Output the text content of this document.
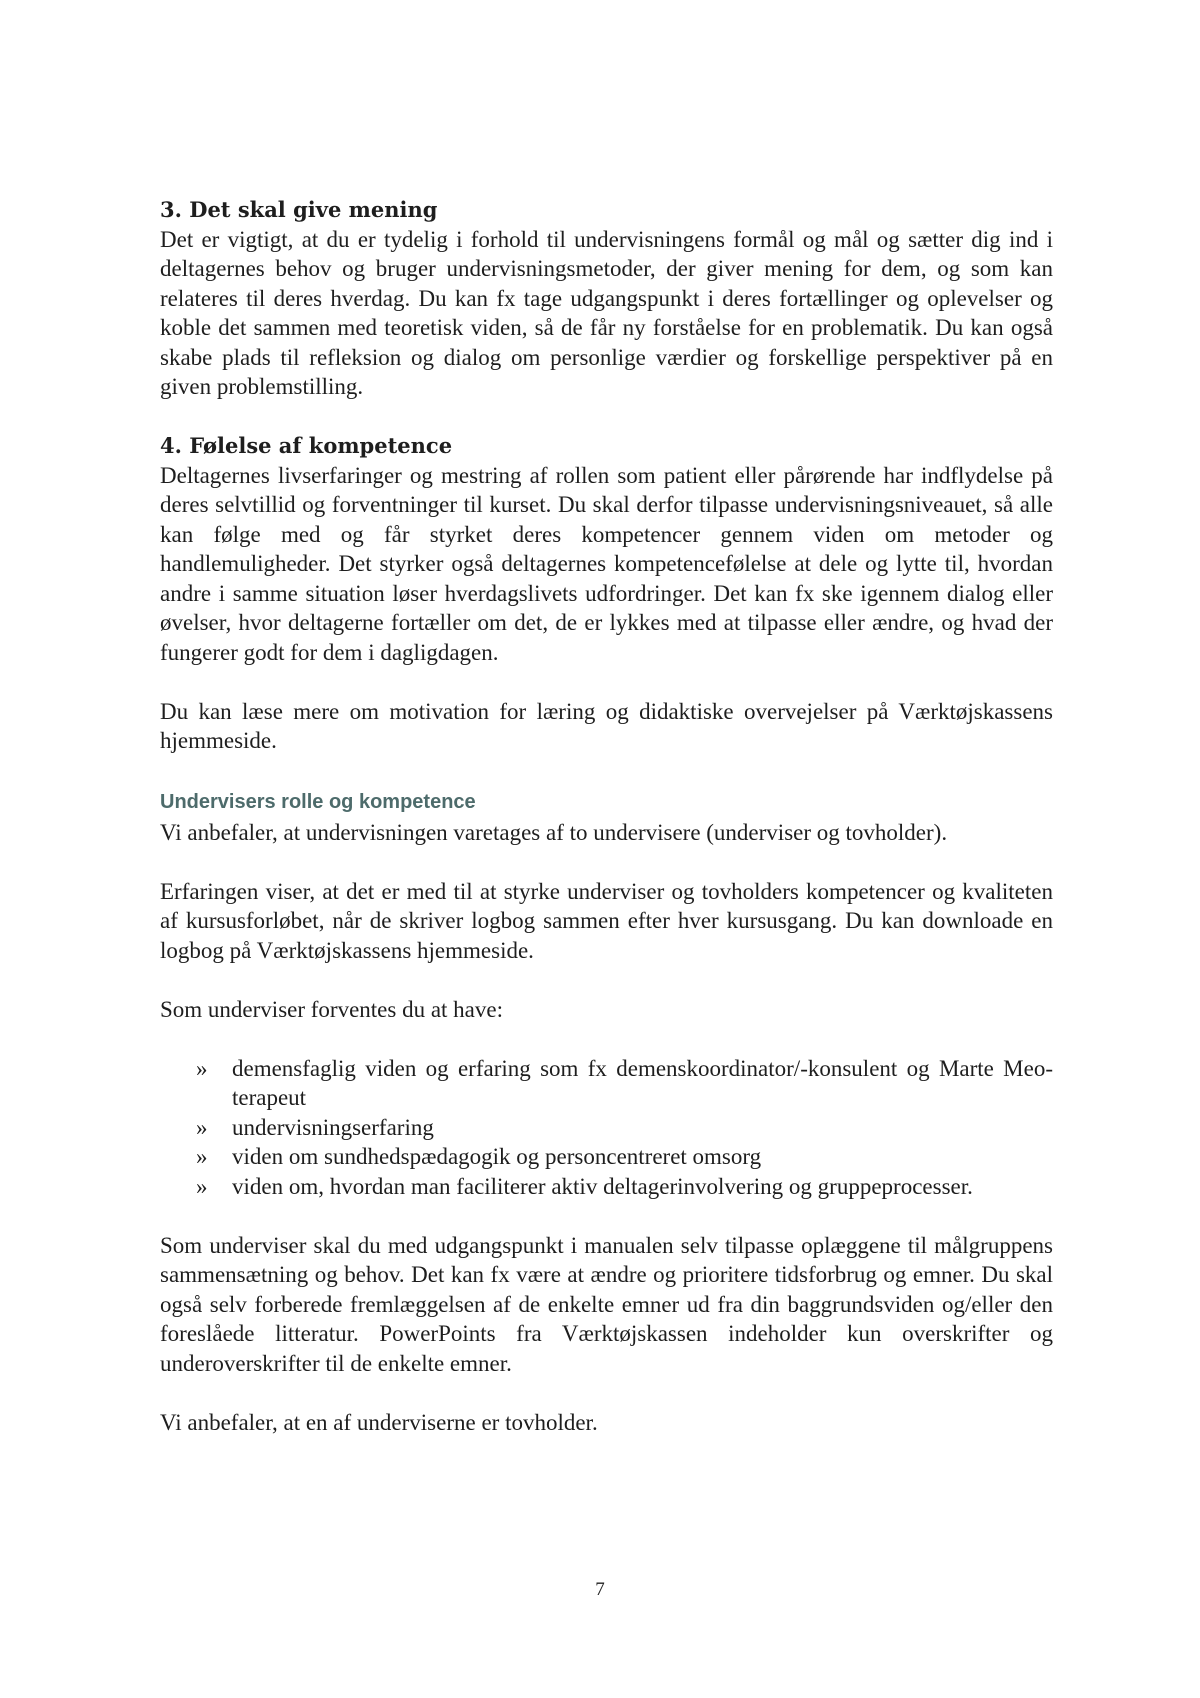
3. Det skal give mening

Det er vigtigt, at du er tydelig i forhold til undervisningens formål og mål og sætter dig ind i deltagernes behov og bruger undervisningsmetoder, der giver mening for dem, og som kan relateres til deres hverdag. Du kan fx tage udgangspunkt i deres fortællinger og oplevelser og koble det sammen med teoretisk viden, så de får ny forståelse for en problematik. Du kan også skabe plads til refleksion og dialog om personlige værdier og forskellige perspektiver på en given problemstilling.

4. Følelse af kompetence

Deltagernes livserfaringer og mestring af rollen som patient eller pårørende har indflydelse på deres selvtillid og forventninger til kurset. Du skal derfor tilpasse undervisningsniveauet, så alle kan følge med og får styrket deres kompetencer gennem viden om metoder og handlemuligheder. Det styrker også deltagernes kompetencefølelse at dele og lytte til, hvordan andre i samme situation løser hverdagslivets udfordringer. Det kan fx ske igennem dialog eller øvelser, hvor deltagerne fortæller om det, de er lykkes med at tilpasse eller ændre, og hvad der fungerer godt for dem i dagligdagen.

Du kan læse mere om motivation for læring og didaktiske overvejelser på Værktøjskassens hjemmeside.

Undervisers rolle og kompetence

Vi anbefaler, at undervisningen varetages af to undervisere (underviser og tovholder).

Erfaringen viser, at det er med til at styrke underviser og tovholders kompetencer og kvaliteten af kursusforløbet, når de skriver logbog sammen efter hver kursusgang. Du kan downloade en logbog på Værktøjskassens hjemmeside.

Som underviser forventes du at have:

» demensfaglig viden og erfaring som fx demenskoordinator/-konsulent og Marte Meo-terapeut
» undervisningserfaring
» viden om sundhedspædagogik og personcentreret omsorg
» viden om, hvordan man faciliterer aktiv deltagerinvolvering og gruppeprocesser.

Som underviser skal du med udgangspunkt i manualen selv tilpasse oplæggene til målgruppens sammensætning og behov. Det kan fx være at ændre og prioritere tidsforbrug og emner. Du skal også selv forberede fremlæggelsen af de enkelte emner ud fra din baggrundsviden og/eller den foreslåede litteratur. PowerPoints fra Værktøjskassen indeholder kun overskrifter og underoverskrifter til de enkelte emner.

Vi anbefaler, at en af underviserne er tovholder.

7
